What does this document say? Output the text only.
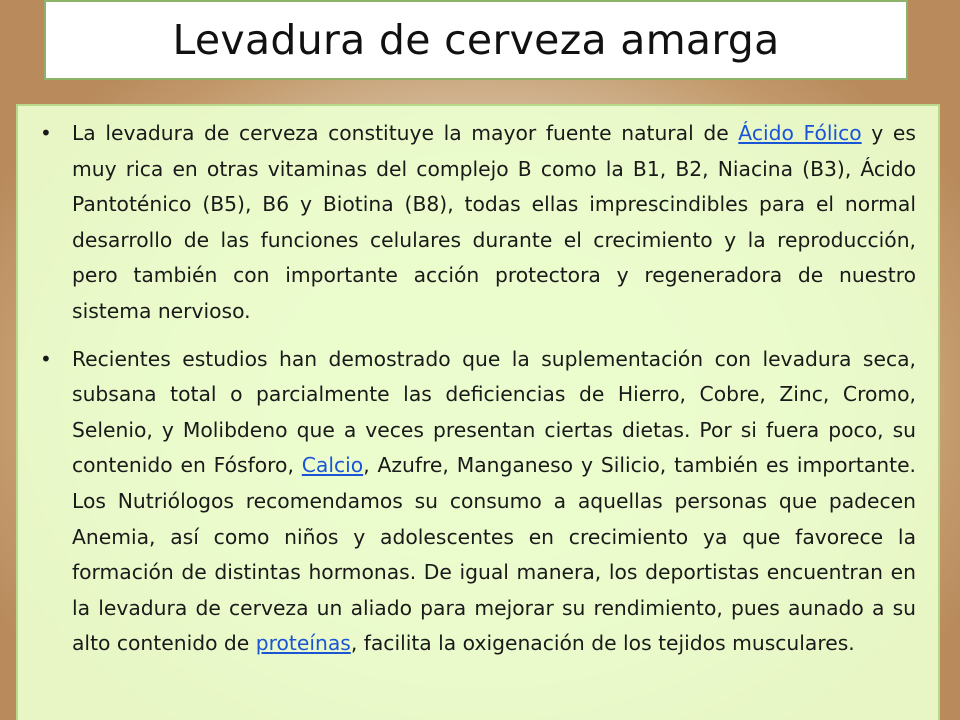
Levadura de cerveza amarga

• La levadura de cerveza constituye la mayor fuente natural de Ácido Fólico y es muy rica en otras vitaminas del complejo B como la B1, B2, Niacina (B3), Ácido Pantoténico (B5), B6 y Biotina (B8), todas ellas imprescindibles para el normal desarrollo de las funciones celulares durante el crecimiento y la reproducción, pero también con importante acción protectora y regeneradora de nuestro sistema nervioso.

• Recientes estudios han demostrado que la suplementación con levadura seca, subsana total o parcialmente las deficiencias de Hierro, Cobre, Zinc, Cromo, Selenio, y Molibdeno que a veces presentan ciertas dietas. Por si fuera poco, su contenido en Fósforo, Calcio, Azufre, Manganeso y Silicio, también es importante. Los Nutriólogos recomendamos su consumo a aquellas personas que padecen Anemia, así como niños y adolescentes en crecimiento ya que favorece la formación de distintas hormonas. De igual manera, los deportistas encuentran en la levadura de cerveza un aliado para mejorar su rendimiento, pues aunado a su alto contenido de proteínas, facilita la oxigenación de los tejidos musculares.
